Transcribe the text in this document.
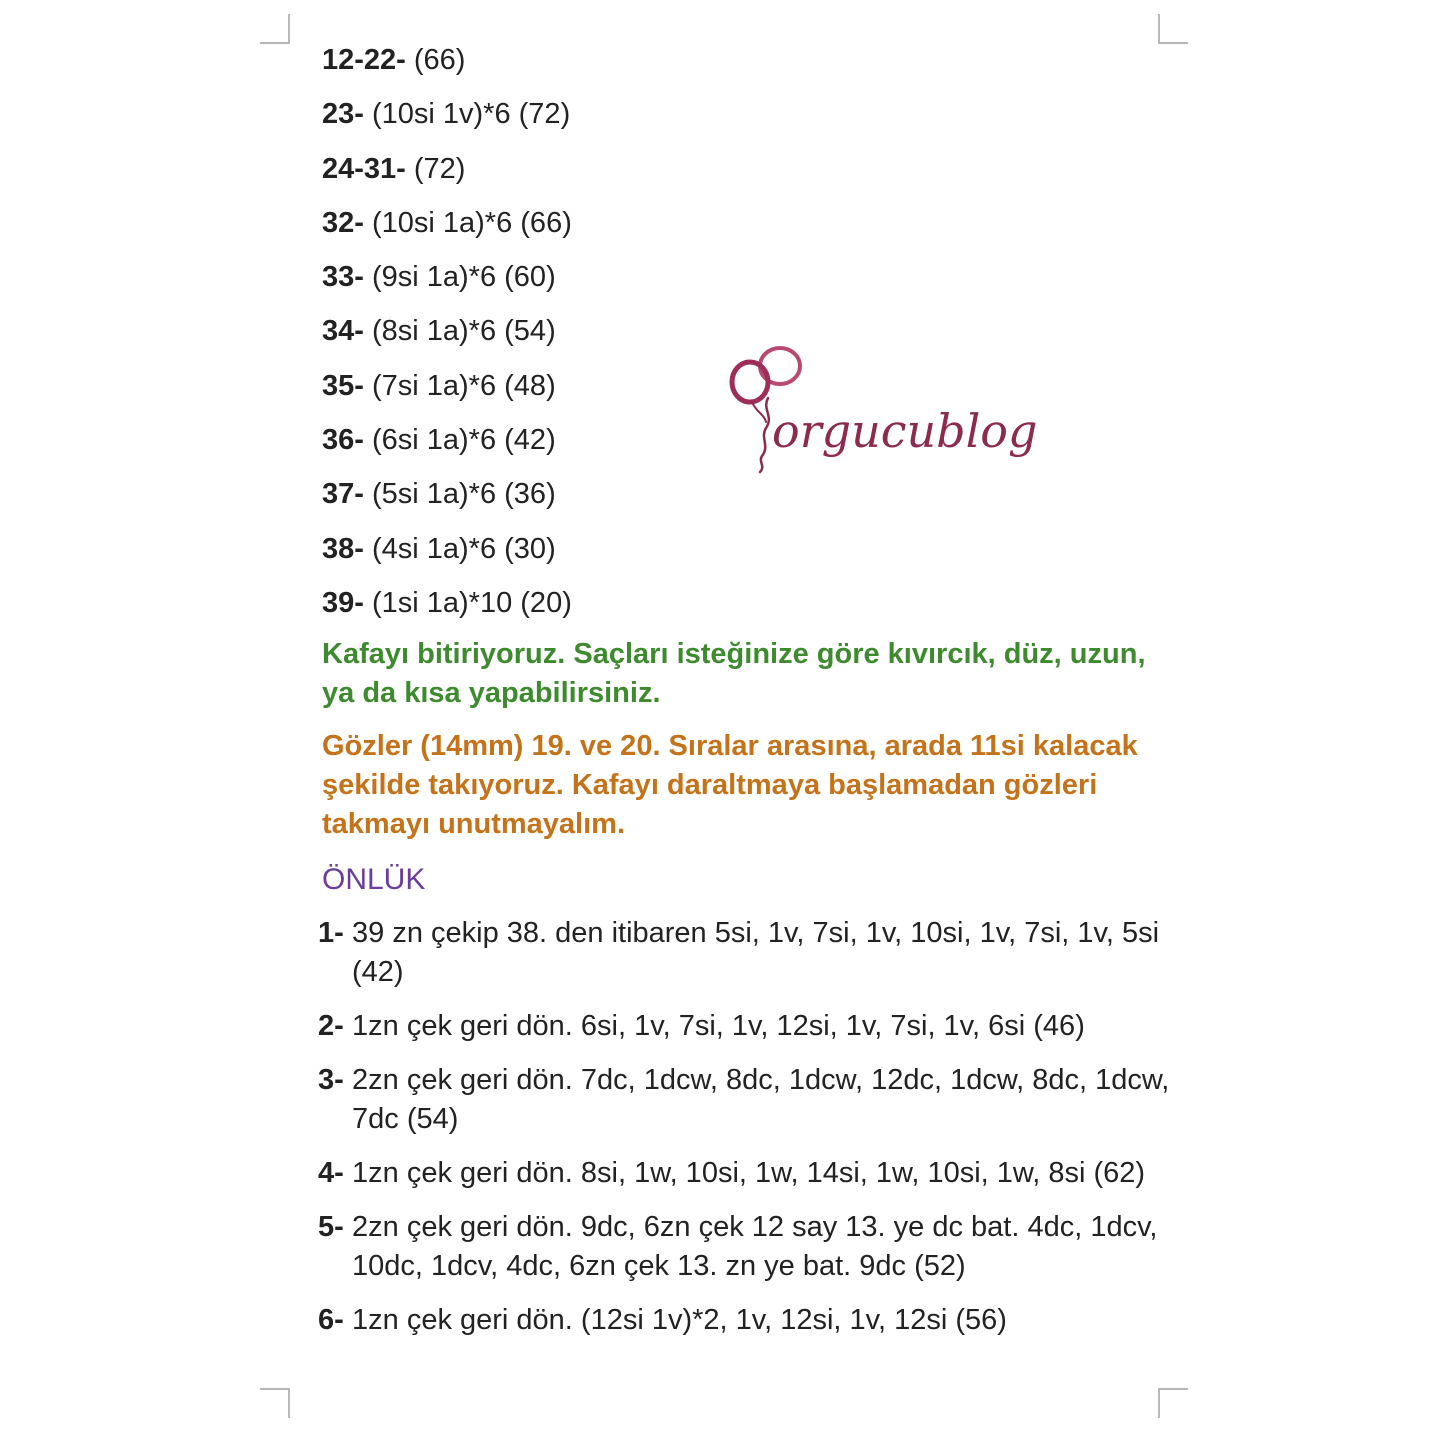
12-22- (66)
23- (10si 1v)*6 (72)
24-31- (72)
32- (10si 1a)*6 (66)
33- (9si 1a)*6 (60)
34- (8si 1a)*6 (54)
35- (7si 1a)*6 (48)
36- (6si 1a)*6 (42)
37- (5si 1a)*6 (36)
38- (4si 1a)*6 (30)
39- (1si 1a)*10 (20)
Kafayı bitiriyoruz. Saçları isteğinize göre kıvırcık, düz, uzun, ya da kısa yapabilirsiniz.
Gözler (14mm) 19. ve 20. Sıralar arasına, arada 11si kalacak şekilde takıyoruz. Kafayı daraltmaya başlamadan gözleri takmayı unutmayalım.
ÖNLÜK
1- 39 zn çekip 38. den itibaren 5si, 1v, 7si, 1v, 10si, 1v, 7si, 1v, 5si (42)
2- 1zn çek geri dön. 6si, 1v, 7si, 1v, 12si, 1v, 7si, 1v, 6si (46)
3- 2zn çek geri dön. 7dc, 1dcw, 8dc, 1dcw, 12dc, 1dcw, 8dc, 1dcw, 7dc (54)
4- 1zn çek geri dön. 8si, 1w, 10si, 1w, 14si, 1w, 10si, 1w, 8si (62)
5- 2zn çek geri dön. 9dc, 6zn çek 12 say 13. ye dc bat. 4dc, 1dcv, 10dc, 1dcv, 4dc, 6zn çek 13. zn ye bat. 9dc (52)
6- 1zn çek geri dön. (12si 1v)*2, 1v, 12si, 1v, 12si (56)
orgucublog
